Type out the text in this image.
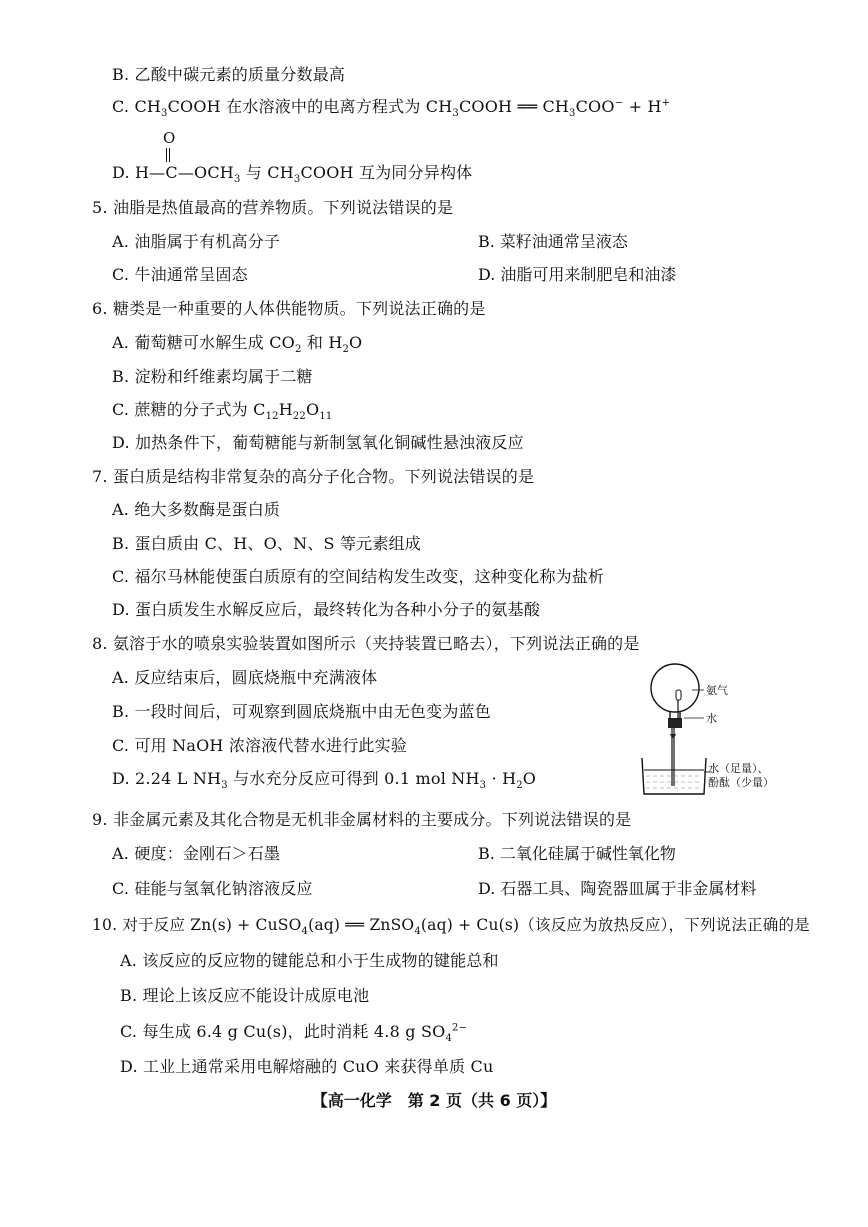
B. 乙酸中碳元素的质量分数最高
C. $CH_3COOH$ 在水溶液中的电离方程式为 $CH_3COOH$ ══ $CH_3COO^- + H^+$
O
D. $H—C—OCH_3$ 与 $CH_3COOH$ 互为同分异构体
5. 油脂是热值最高的营养物质。下列说法错误的是
A. 油脂属于有机高分子	B. 菜籽油通常呈液态
C. 牛油通常呈固态	D. 油脂可用来制肥皂和油漆
6. 糖类是一种重要的人体供能物质。下列说法正确的是
A. 葡萄糖可水解生成 $CO_2$ 和 $H_2O$
B. 淀粉和纤维素均属于二糖
C. 蔗糖的分子式为 $C_{12}H_{22}O_{11}$
D. 加热条件下，葡萄糖能与新制氢氧化铜碱性悬浊液反应
7. 蛋白质是结构非常复杂的高分子化合物。下列说法错误的是
A. 绝大多数酶是蛋白质
B. 蛋白质由 C、H、O、N、S 等元素组成
C. 福尔马林能使蛋白质原有的空间结构发生改变，这种变化称为盐析
D. 蛋白质发生水解反应后，最终转化为各种小分子的氨基酸
8. 氨溶于水的喷泉实验装置如图所示（夹持装置已略去），下列说法正确的是
A. 反应结束后，圆底烧瓶中充满液体
B. 一段时间后，可观察到圆底烧瓶中由无色变为蓝色
C. 可用 NaOH 浓溶液代替水进行此实验
D. 2.24 L $NH_3$ 与水充分反应可得到 0.1 mol $NH_3 \cdot H_2O$
氨气
水
水（足量）、
酚酞（少量）
9. 非金属元素及其化合物是无机非金属材料的主要成分。下列说法错误的是
A. 硬度：金刚石＞石墨	B. 二氧化硅属于碱性氧化物
C. 硅能与氢氧化钠溶液反应	D. 石器工具、陶瓷器皿属于非金属材料
10. 对于反应 Zn(s) + CuSO$_4$(aq) ══ ZnSO$_4$(aq) + Cu(s)（该反应为放热反应），下列说法正确的是
A. 该反应的反应物的键能总和小于生成物的键能总和
B. 理论上该反应不能设计成原电池
C. 每生成 6.4 g Cu(s)，此时消耗 4.8 g $SO_4^{2-}$
D. 工业上通常采用电解熔融的 CuO 来获得单质 Cu
【高一化学　第 2 页（共 6 页）】
